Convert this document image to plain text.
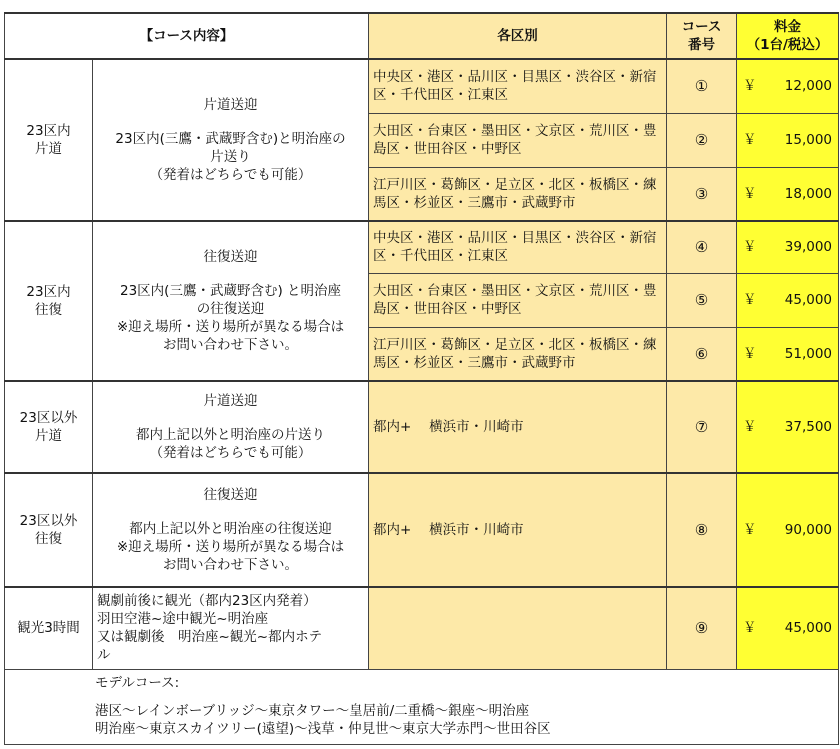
【コース内容】		各区別	コース
番号	料金
（1台/税込）
23区内
片道	片道送迎
23区内(三鷹・武蔵野含む)と明治座の
片送り
（発着はどちらでも可能）	中央区・港区・品川区・目黒区・渋谷区・新宿区・千代田区・江東区	①	￥ 12,000

		大田区・台東区・墨田区・文京区・荒川区・豊島区・世田谷区・中野区	②	￥ 15,000

		江戸川区・葛飾区・足立区・北区・板橋区・練馬区・杉並区・三鷹市・武蔵野市	③	￥ 18,000

23区内
往復	往復送迎
23区内(三鷹・武蔵野含む) と明治座
の往復送迎
※迎え場所・送り場所が異なる場合は
お問い合わせ下さい。	中央区・港区・品川区・目黒区・渋谷区・新宿区・千代田区・江東区	④	￥ 39,000

		大田区・台東区・墨田区・文京区・荒川区・豊島区・世田谷区・中野区	⑤	￥ 45,000

		江戸川区・葛飾区・足立区・北区・板橋区・練馬区・杉並区・三鷹市・武蔵野市	⑥	￥ 51,000

23区以外
片道	片道送迎
都内上記以外と明治座の片送り
（発着はどちらでも可能）	都内+　 横浜市・川崎市	⑦	￥ 37,500

23区以外
往復	往復送迎
都内上記以外と明治座の往復送迎
※迎え場所・送り場所が異なる場合は
お問い合わせ下さい。	都内+　 横浜市・川崎市	⑧	￥ 90,000

観光3時間	観劇前後に観光（都内23区内発着）
羽田空港~途中観光~明治座
又は観劇後　明治座~観光~都内ホテ
ル		⑨	￥ 45,000

モデルコース:
港区～レインボーブリッジ～東京タワー～皇居前/二重橋～銀座～明治座
明治座～東京スカイツリー(遠望)～浅草・仲見世～東京大学赤門～世田谷区				
